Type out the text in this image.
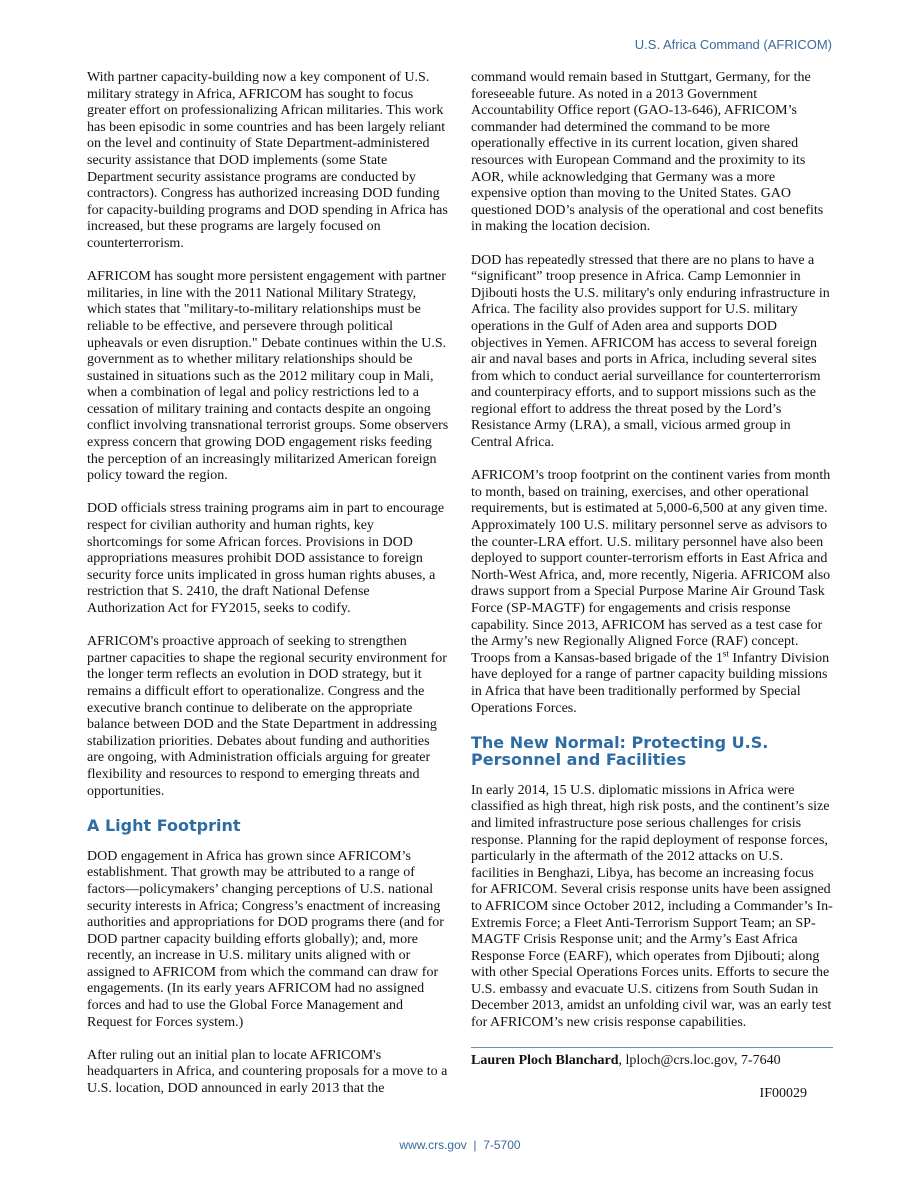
U.S. Africa Command (AFRICOM)

With partner capacity-building now a key component of U.S. military strategy in Africa, AFRICOM has sought to focus greater effort on professionalizing African militaries. This work has been episodic in some countries and has been largely reliant on the level and continuity of State Department-administered security assistance that DOD implements (some State Department security assistance programs are conducted by contractors). Congress has authorized increasing DOD funding for capacity-building programs and DOD spending in Africa has increased, but these programs are largely focused on counterterrorism.

AFRICOM has sought more persistent engagement with partner militaries, in line with the 2011 National Military Strategy, which states that "military-to-military relationships must be reliable to be effective, and persevere through political upheavals or even disruption." Debate continues within the U.S. government as to whether military relationships should be sustained in situations such as the 2012 military coup in Mali, when a combination of legal and policy restrictions led to a cessation of military training and contacts despite an ongoing conflict involving transnational terrorist groups. Some observers express concern that growing DOD engagement risks feeding the perception of an increasingly militarized American foreign policy toward the region.

DOD officials stress training programs aim in part to encourage respect for civilian authority and human rights, key shortcomings for some African forces. Provisions in DOD appropriations measures prohibit DOD assistance to foreign security force units implicated in gross human rights abuses, a restriction that S. 2410, the draft National Defense Authorization Act for FY2015, seeks to codify.

AFRICOM's proactive approach of seeking to strengthen partner capacities to shape the regional security environment for the longer term reflects an evolution in DOD strategy, but it remains a difficult effort to operationalize. Congress and the executive branch continue to deliberate on the appropriate balance between DOD and the State Department in addressing stabilization priorities. Debates about funding and authorities are ongoing, with Administration officials arguing for greater flexibility and resources to respond to emerging threats and opportunities.

A Light Footprint

DOD engagement in Africa has grown since AFRICOM’s establishment. That growth may be attributed to a range of factors—policymakers’ changing perceptions of U.S. national security interests in Africa; Congress’s enactment of increasing authorities and appropriations for DOD programs there (and for DOD partner capacity building efforts globally); and, more recently, an increase in U.S. military units aligned with or assigned to AFRICOM from which the command can draw for engagements. (In its early years AFRICOM had no assigned forces and had to use the Global Force Management and Request for Forces system.)

After ruling out an initial plan to locate AFRICOM's headquarters in Africa, and countering proposals for a move to a U.S. location, DOD announced in early 2013 that the

command would remain based in Stuttgart, Germany, for the foreseeable future. As noted in a 2013 Government Accountability Office report (GAO-13-646), AFRICOM’s commander had determined the command to be more operationally effective in its current location, given shared resources with European Command and the proximity to its AOR, while acknowledging that Germany was a more expensive option than moving to the United States. GAO questioned DOD’s analysis of the operational and cost benefits in making the location decision.

DOD has repeatedly stressed that there are no plans to have a “significant” troop presence in Africa. Camp Lemonnier in Djibouti hosts the U.S. military's only enduring infrastructure in Africa. The facility also provides support for U.S. military operations in the Gulf of Aden area and supports DOD objectives in Yemen. AFRICOM has access to several foreign air and naval bases and ports in Africa, including several sites from which to conduct aerial surveillance for counterterrorism and counterpiracy efforts, and to support missions such as the regional effort to address the threat posed by the Lord’s Resistance Army (LRA), a small, vicious armed group in Central Africa.

AFRICOM’s troop footprint on the continent varies from month to month, based on training, exercises, and other operational requirements, but is estimated at 5,000-6,500 at any given time. Approximately 100 U.S. military personnel serve as advisors to the counter-LRA effort. U.S. military personnel have also been deployed to support counter-terrorism efforts in East Africa and North-West Africa, and, more recently, Nigeria. AFRICOM also draws support from a Special Purpose Marine Air Ground Task Force (SP-MAGTF) for engagements and crisis response capability. Since 2013, AFRICOM has served as a test case for the Army’s new Regionally Aligned Force (RAF) concept. Troops from a Kansas-based brigade of the 1st Infantry Division have deployed for a range of partner capacity building missions in Africa that have been traditionally performed by Special Operations Forces.

The New Normal: Protecting U.S. Personnel and Facilities

In early 2014, 15 U.S. diplomatic missions in Africa were classified as high threat, high risk posts, and the continent’s size and limited infrastructure pose serious challenges for crisis response. Planning for the rapid deployment of response forces, particularly in the aftermath of the 2012 attacks on U.S. facilities in Benghazi, Libya, has become an increasing focus for AFRICOM. Several crisis response units have been assigned to AFRICOM since October 2012, including a Commander’s In-Extremis Force; a Fleet Anti-Terrorism Support Team; an SP-MAGTF Crisis Response unit; and the Army’s East Africa Response Force (EARF), which operates from Djibouti; along with other Special Operations Forces units. Efforts to secure the U.S. embassy and evacuate U.S. citizens from South Sudan in December 2013, amidst an unfolding civil war, was an early test for AFRICOM’s new crisis response capabilities.

Lauren Ploch Blanchard, lploch@crs.loc.gov, 7-7640

IF00029

www.crs.gov  |  7-5700
